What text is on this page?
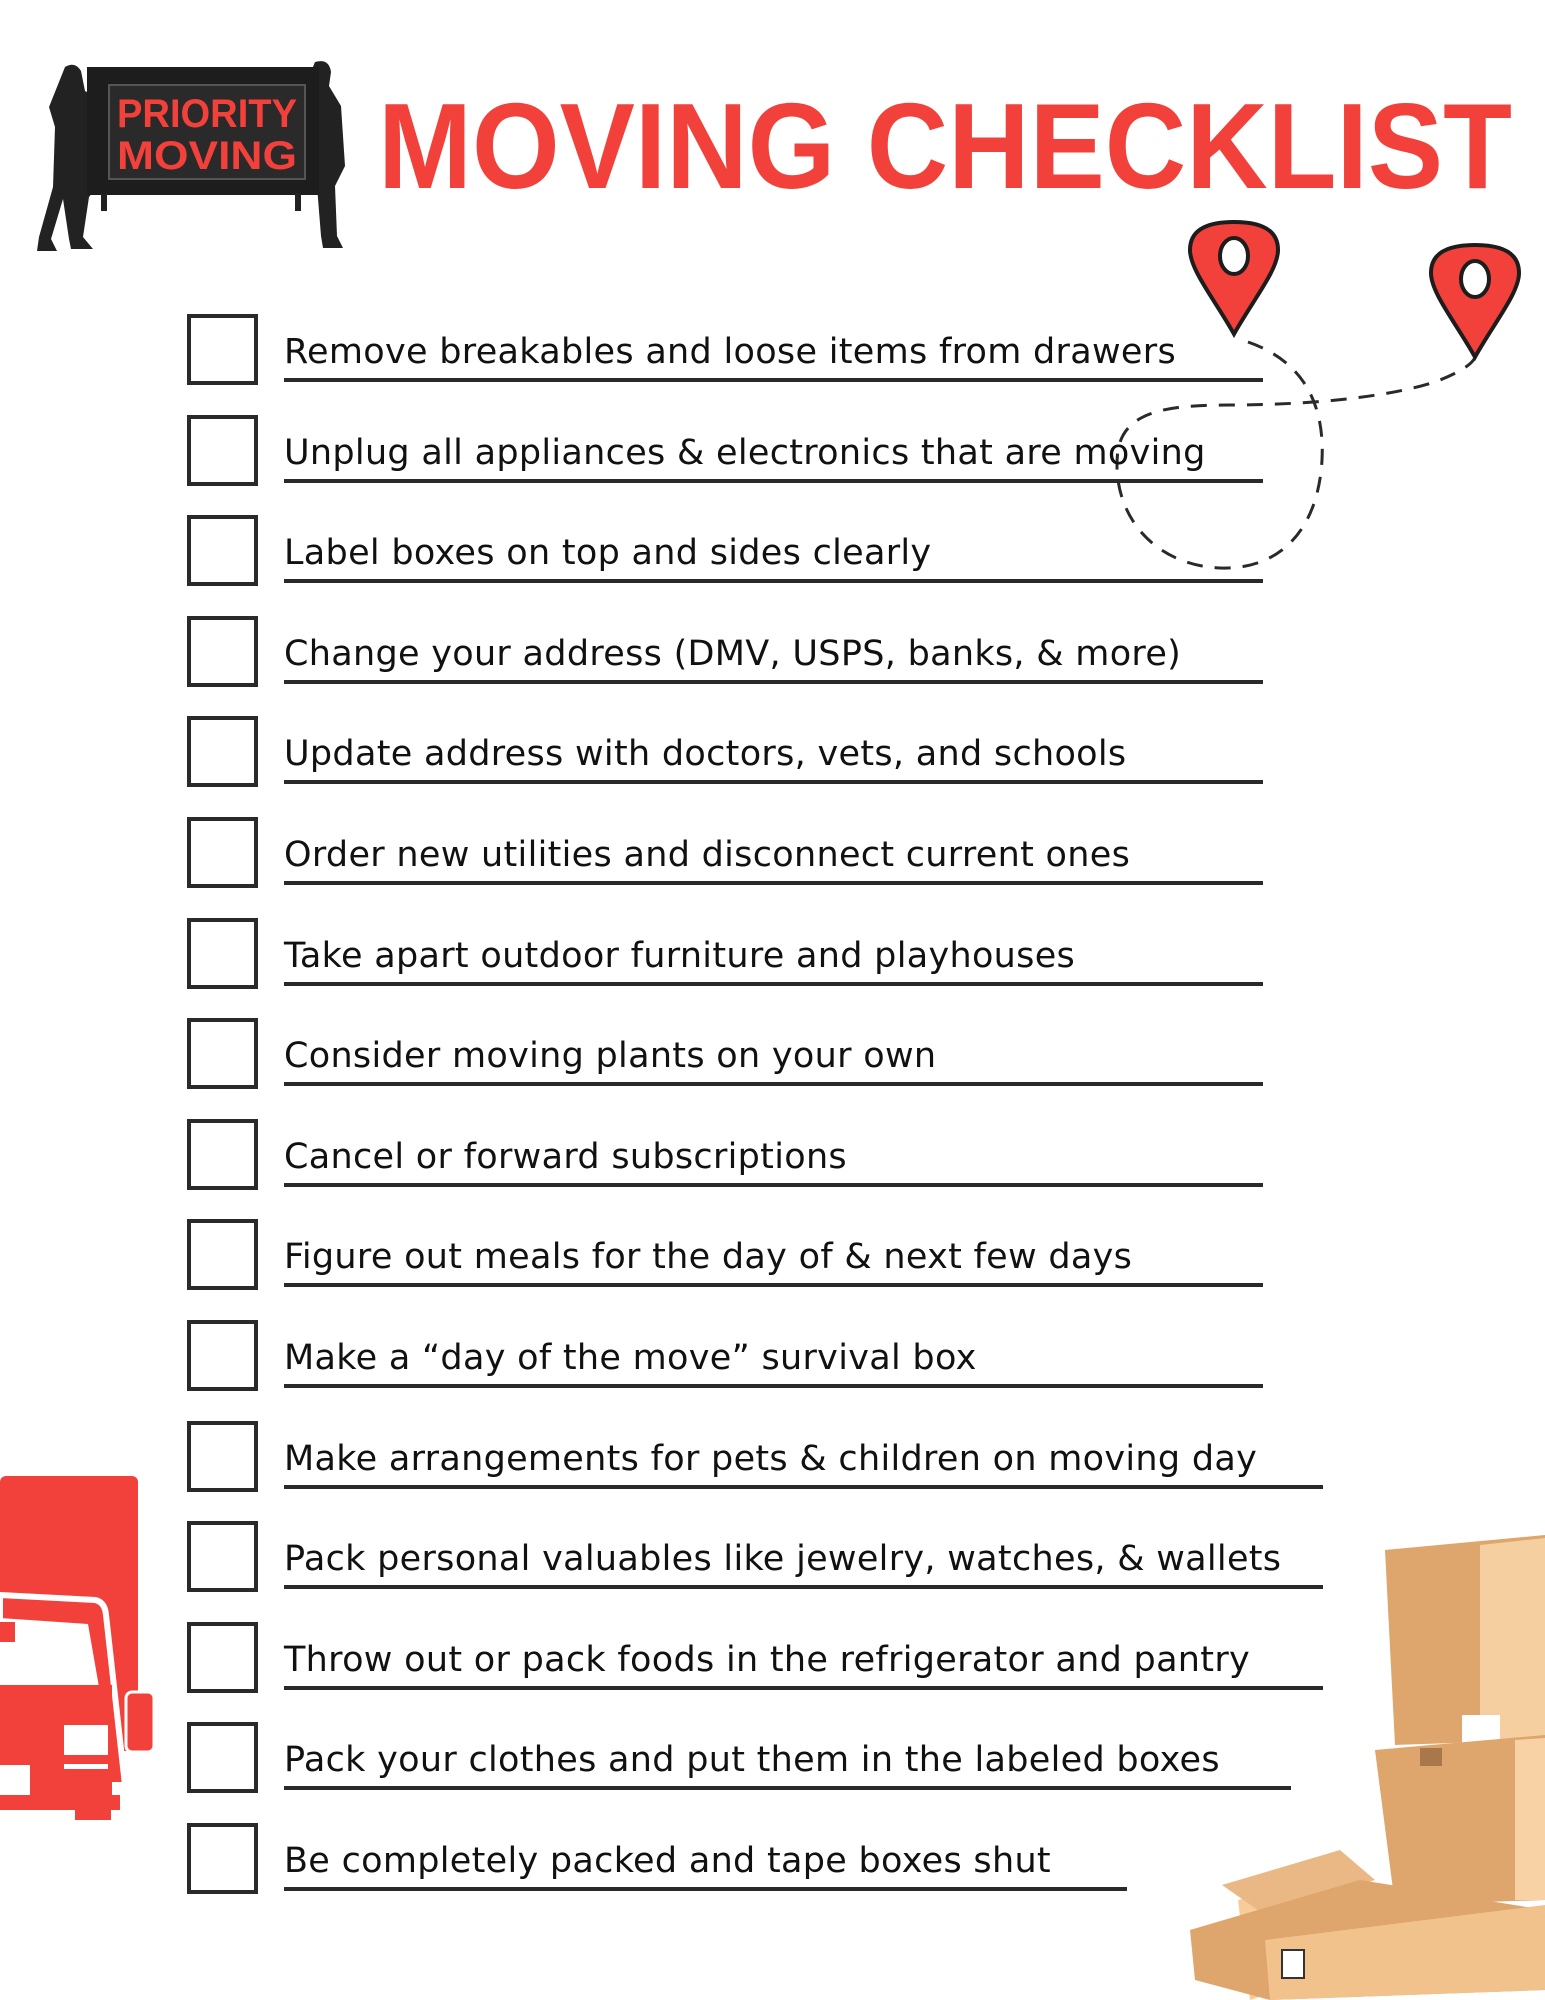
PRIORITY
MOVING MOVING CHECKLIST
Remove breakables and loose items from drawers
Unplug all appliances & electronics that are moving
Label boxes on top and sides clearly
Change your address (DMV, USPS, banks, & more)
Update address with doctors, vets, and schools
Order new utilities and disconnect current ones
Take apart outdoor furniture and playhouses
Consider moving plants on your own
Cancel or forward subscriptions
Figure out meals for the day of & next few days
Make a “day of the move” survival box
Make arrangements for pets & children on moving day
Pack personal valuables like jewelry, watches, & wallets
Throw out or pack foods in the refrigerator and pantry
Pack your clothes and put them in the labeled boxes
Be completely packed and tape boxes shut
